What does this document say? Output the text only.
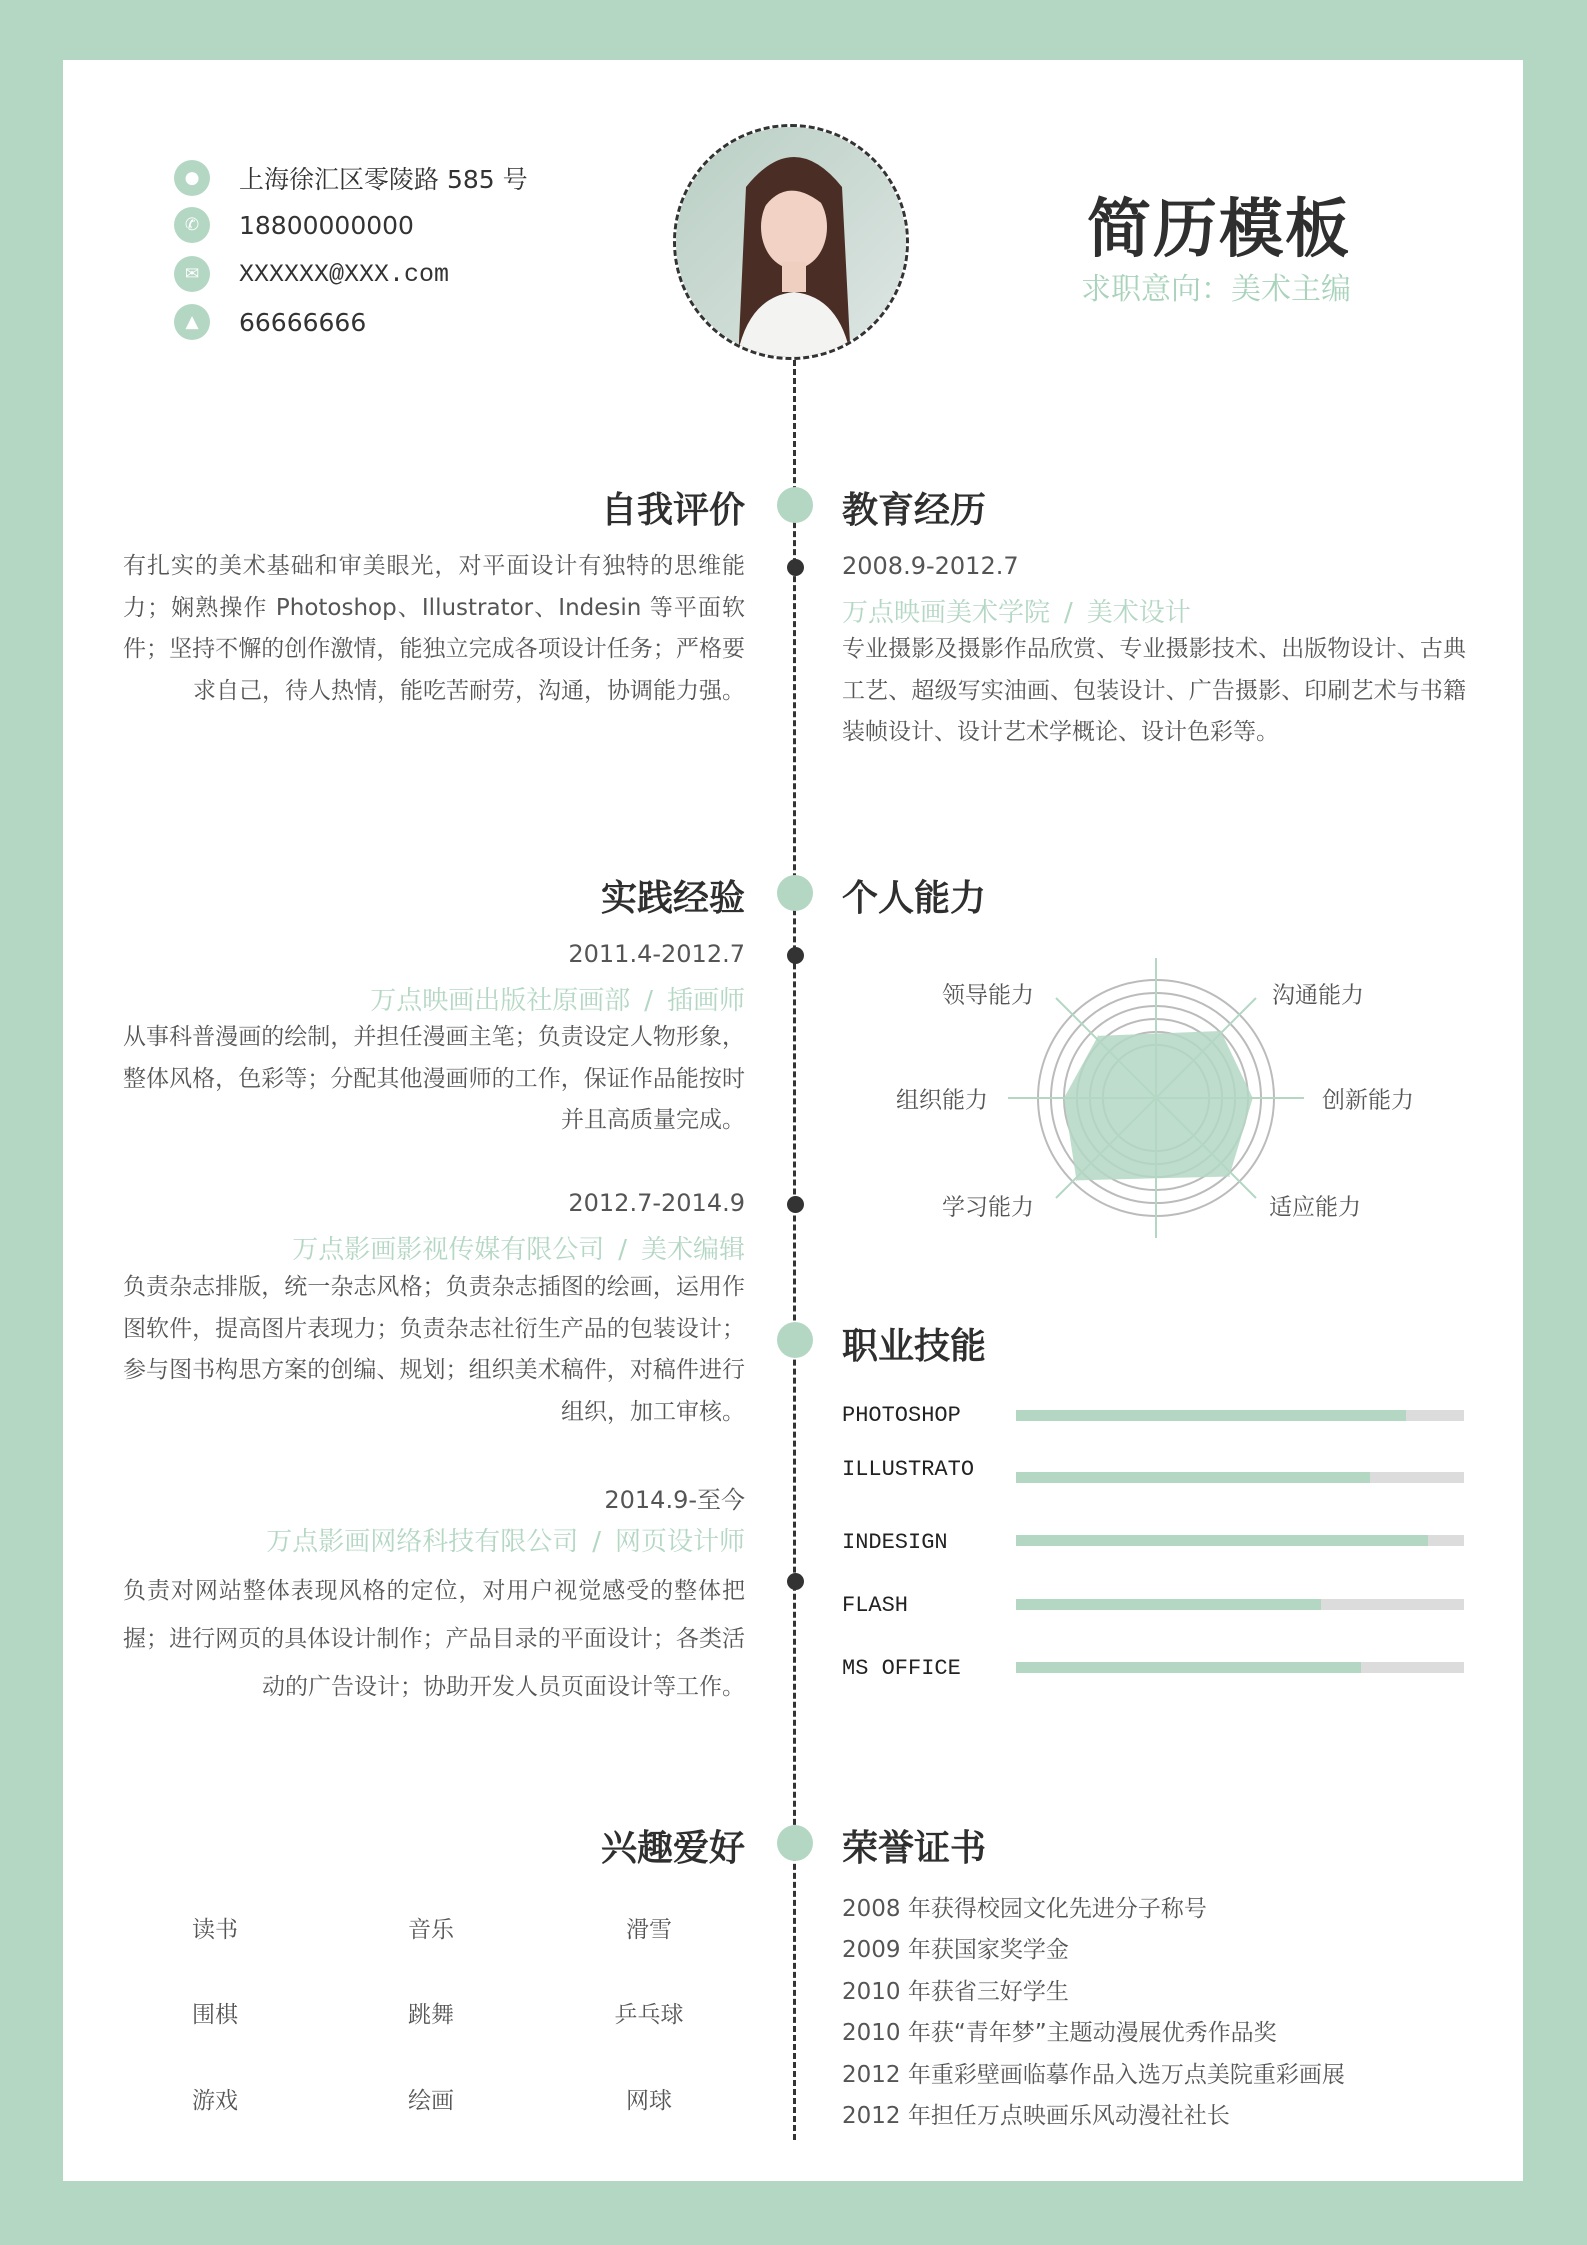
●	上海徐汇区零陵路 585 号
✆	18800000000
✉	XXXXXX@XXX.com
▲	66666666
简历模板
求职意向：美术主编
自我评价
有扎实的美术基础和审美眼光，对平面设计有独特的思维能力；娴熟操作 Photoshop、Illustrator、Indesin 等平面软件；坚持不懈的创作激情，能独立完成各项设计任务；严格要求自己，待人热情，能吃苦耐劳，沟通，协调能力强。
教育经历
2008.9-2012.7
万点映画美术学院 / 美术设计
专业摄影及摄影作品欣赏、专业摄影技术、出版物设计、古典工艺、超级写实油画、包装设计、广告摄影、印刷艺术与书籍装帧设计、设计艺术学概论、设计色彩等。
实践经验
2011.4-2012.7
万点映画出版社原画部 / 插画师
从事科普漫画的绘制，并担任漫画主笔；负责设定人物形象，整体风格，色彩等；分配其他漫画师的工作，保证作品能按时并且高质量完成。
2012.7-2014.9
万点影画影视传媒有限公司 / 美术编辑
负责杂志排版，统一杂志风格；负责杂志插图的绘画，运用作图软件，提高图片表现力；负责杂志社衍生产品的包装设计；参与图书构思方案的创编、规划；组织美术稿件，对稿件进行组织，加工审核。
2014.9-至今
万点影画网络科技有限公司 / 网页设计师
负责对网站整体表现风格的定位，对用户视觉感受的整体把握；进行网页的具体设计制作；产品目录的平面设计；各类活动的广告设计；协助开发人员页面设计等工作。
个人能力
领导能力	沟通能力
创新能力
适应能力
学习能力
组织能力
职业技能
PHOTOSHOP
ILLUSTRATO
INDESIGN
FLASH
MS OFFICE
兴趣爱好
读书	音乐	滑雪
围棋	跳舞	乒乓球
游戏	绘画	网球
荣誉证书
2008 年获得校园文化先进分子称号
2009 年获国家奖学金
2010 年获省三好学生
2010 年获“青年梦”主题动漫展优秀作品奖
2012 年重彩壁画临摹作品入选万点美院重彩画展
2012 年担任万点映画乐风动漫社社长
